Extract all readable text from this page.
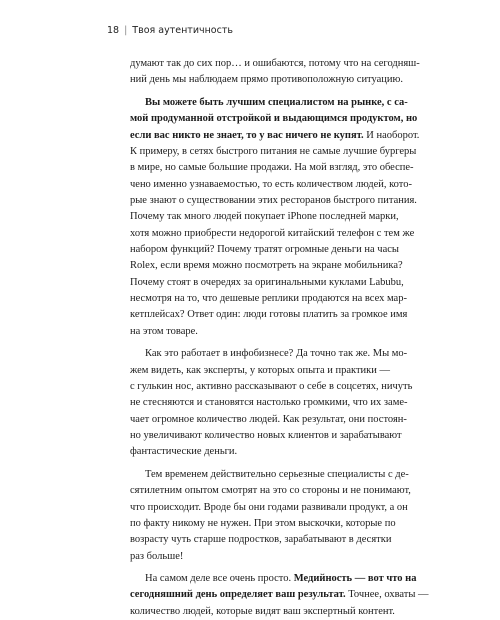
18 | Твоя аутентичность
думают так до сих пор… и ошибаются, потому что на сегодняш-
ний день мы наблюдаем прямо противоположную ситуацию.
Вы можете быть лучшим специалистом на рынке, с са-
мой продуманной отстройкой и выдающимся продуктом, но
если вас никто не знает, то у вас ничего не купят. И наоборот.
К примеру, в сетях быстрого питания не самые лучшие бургеры
в мире, но самые большие продажи. На мой взгляд, это обеспе-
чено именно узнаваемостью, то есть количеством людей, кото-
рые знают о существовании этих ресторанов быстрого питания.
Почему так много людей покупает iPhone последней марки,
хотя можно приобрести недорогой китайский телефон с тем же
набором функций? Почему тратят огромные деньги на часы
Rolex, если время можно посмотреть на экране мобильника?
Почему стоят в очередях за оригинальными куклами Labubu,
несмотря на то, что дешевые реплики продаются на всех мар-
кетплейсах? Ответ один: люди готовы платить за громкое имя
на этом товаре.
Как это работает в инфобизнесе? Да точно так же. Мы мо-
жем видеть, как эксперты, у которых опыта и практики —
с гулькин нос, активно рассказывают о себе в соцсетях, ничуть
не стесняются и становятся настолько громкими, что их заме-
чает огромное количество людей. Как результат, они постоян-
но увеличивают количество новых клиентов и зарабатывают
фантастические деньги.
Тем временем действительно серьезные специалисты с де-
сятилетним опытом смотрят на это со стороны и не понимают,
что происходит. Вроде бы они годами развивали продукт, а он
по факту никому не нужен. При этом выскочки, которые по
возрасту чуть старше подростков, зарабатывают в десятки
раз больше!
На самом деле все очень просто. Медийность — вот что на
сегодняшний день определяет ваш результат. Точнее, охваты —
количество людей, которые видят ваш экспертный контент.
